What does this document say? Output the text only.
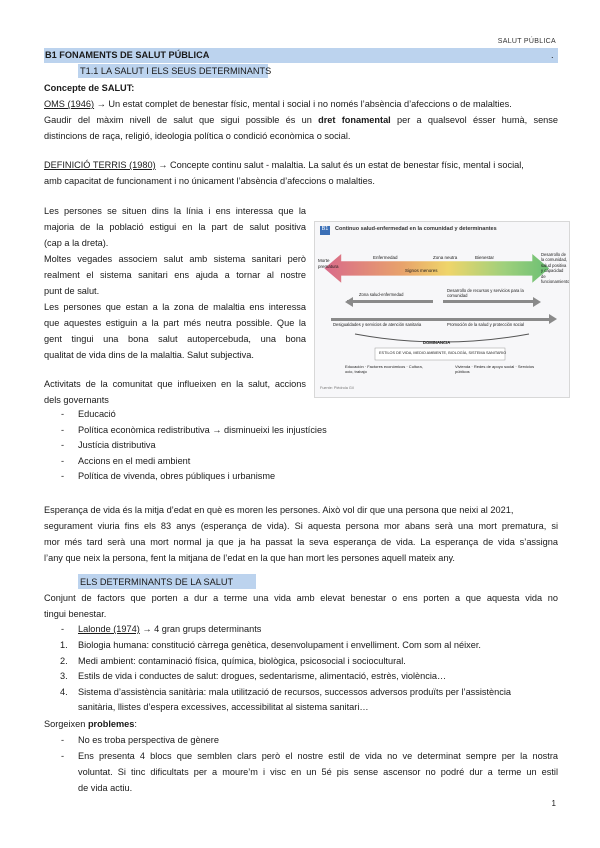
SALUT PÚBLICA
B1 FONAMENTS DE SALUT PÚBLICA	.
T1.1 LA SALUT I ELS SEUS DETERMINANTS
Concepte de SALUT:
OMS (1946) → Un estat complet de benestar físic, mental i social i no només l’absència d’afeccions o de malalties.
Gaudir del màxim nivell de salut que sigui possible és un dret fonamental per a qualsevol ésser humà, sense
distincions de raça, religió, ideologia política o condició econòmica o social.
DEFINICIÓ TERRIS (1980) → Concepte continu salut - malaltia. La salut és un estat de benestar físic, mental i social,
amb capacitat de funcionament i no únicament l’absència d’afeccions o malalties.
Les persones se situen dins la línia i ens interessa que la
majoria de la població estigui en la part de salut positiva
(cap a la dreta).
Moltes vegades associem salut amb sistema sanitari però
realment el sistema sanitari ens ajuda a tornar al nostre
punt de salut.
Les persones que estan a la zona de malaltia ens interessa
que aquestes estiguin a la part més neutra possible. Que la
gent tingui una bona salut autopercebuda, una bona
qualitat de vida dins de la malaltia. Salut subjectiva.
B1	Continuo salud-enfermedad en la comunidad y determinantes
Morte prematura
Desarrollo de la comunidad, salud positiva y capacidad de funcionamiento
Enfermedad
Signos menores
Zona neutra	Bienestar
Zona salud-enfermedad
Desarrollo de recursos y servicios para la comunidad
Desigualdades y servicios de atención sanitaria	Promoción de la salud y protección social
DOMINANCIA
ESTILOS DE VIDA, MEDIO AMBIENTE, BIOLOGÍA, SISTEMA SANITARIO
Educación · Factores económicos · Cultura, ocio, trabajo
Vivienda · Redes de apoyo social · Servicios públicos
Fuente: Piédrola Gil
Activitats de la comunitat que influeixen en la salut, accions
dels governants
- Educació
- Política econòmica redistributiva → disminueixi les injustícies
- Justícia distributiva
- Accions en el medi ambient
- Política de vivenda, obres públiques i urbanisme
Esperança de vida és la mitja d’edat en què es moren les persones. Això vol dir que una persona que neixi al 2021,
segurament viuria fins els 83 anys (esperança de vida). Si aquesta persona mor abans serà una mort prematura, si
mor més tard serà una mort normal ja que ja ha passat la seva esperança de vida. La esperança de vida s’assigna
l’any que neix la persona, fent la mitjana de l’edat en la que han mort les persones aquell mateix any.
ELS DETERMINANTS DE LA SALUT
Conjunt de factors que porten a dur a terme una vida amb elevat benestar o ens porten a que aquesta vida no
tingui benestar.
- Lalonde (1974) → 4 gran grups determinants
1. Biologia humana: constitució càrrega genètica, desenvolupament i envelliment. Com som al néixer.
2. Medi ambient: contaminació física, química, biològica, psicosocial i sociocultural.
3. Estils de vida i conductes de salut: drogues, sedentarisme, alimentació, estrès, violència…
4. Sistema d’assistència sanitària: mala utilització de recursos, successos adversos produïts per l’assistència
sanitària, llistes d’espera excessives, accessibilitat al sistema sanitari…
Sorgeixen problemes:
- No es troba perspectiva de gènere
- Ens presenta 4 blocs que semblen clars però el nostre estil de vida no ve determinat sempre per la nostra
voluntat. Si tinc dificultats per a moure’m i visc en un 5é pis sense ascensor no podré dur a terme un estil
de vida actiu.
1
